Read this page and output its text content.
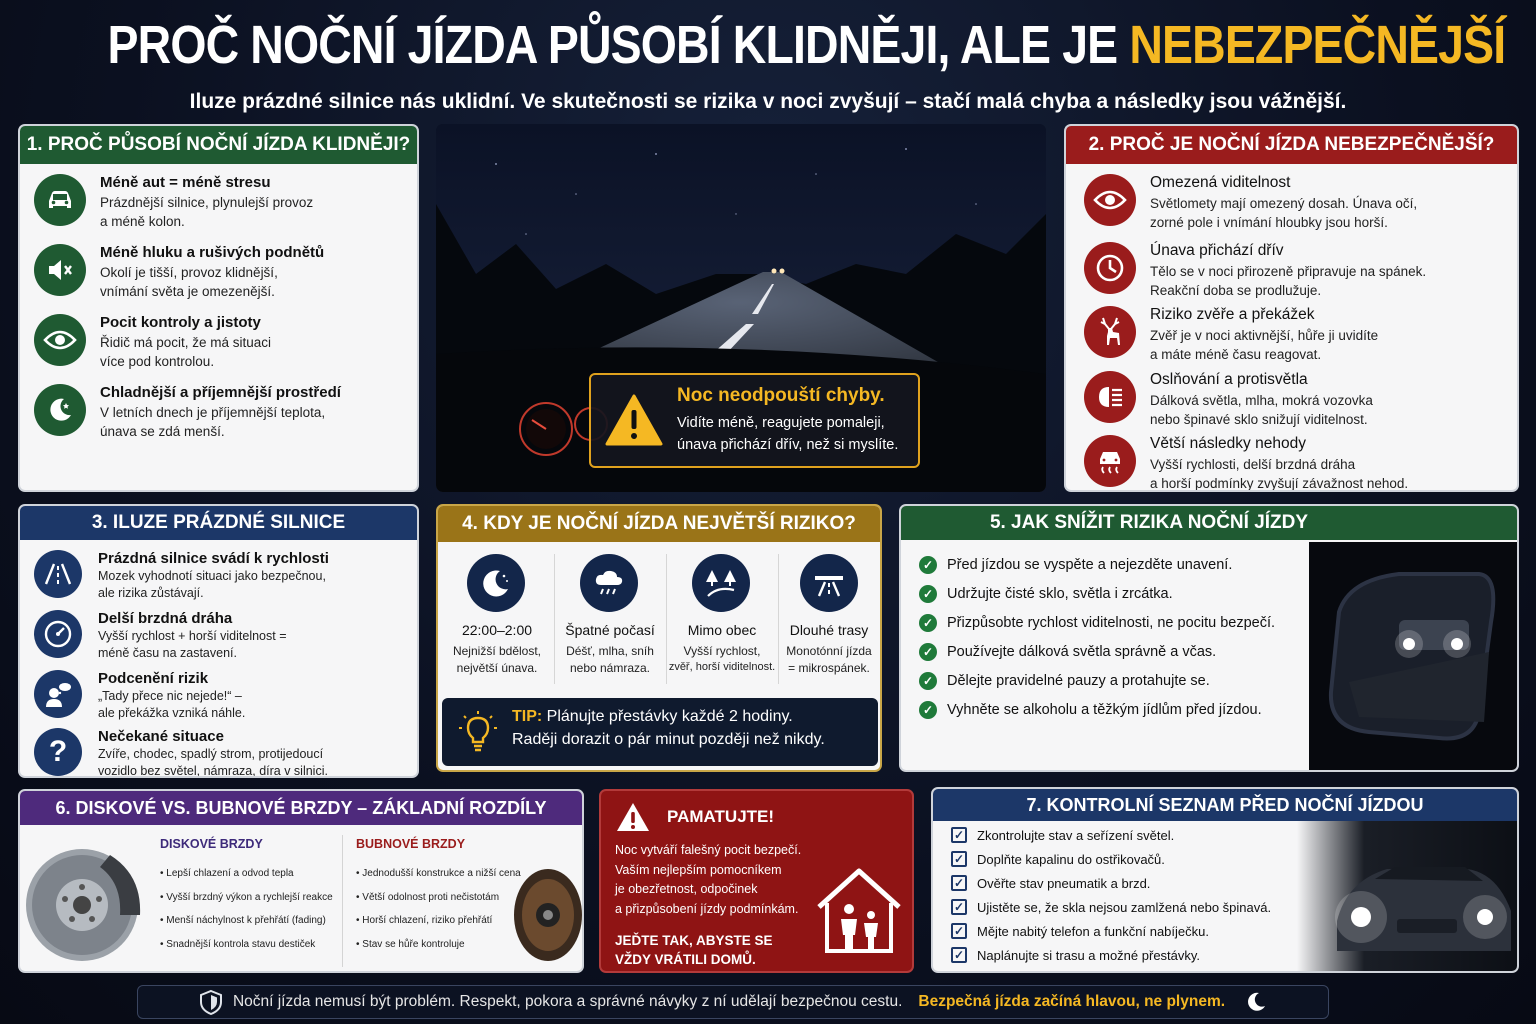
PROČ NOČNÍ JÍZDA PŮSOBÍ KLIDNĚJI, ALE JE NEBEZPEČNĚJŠÍ
Iluze prázdné silnice nás uklidní. Ve skutečnosti se rizika v noci zvyšují – stačí malá chyba a následky jsou vážnější.
1. PROČ PŮSOBÍ NOČNÍ JÍZDA KLIDNĚJI?
Méně aut = méně stresu
Prázdnější silnice, plynulejší provoz
a méně kolon.
Méně hluku a rušivých podnětů
Okolí je tišší, provoz klidnější,
vnímání světa je omezenější.
Pocit kontroly a jistoty
Řidič má pocit, že má situaci
více pod kontrolou.
Chladnější a příjemnější prostředí
V letních dnech je příjemnější teplota,
únava se zdá menší.
Noc neodpouští chyby.
Vidíte méně, reagujete pomaleji,
únava přichází dřív, než si myslíte.
2. PROČ JE NOČNÍ JÍZDA NEBEZPEČNĚJŠÍ?
Omezená viditelnost
Světlomety mají omezený dosah. Únava očí,
zorné pole i vnímání hloubky jsou horší.
Únava přichází dřív
Tělo se v noci přirozeně připravuje na spánek.
Reakční doba se prodlužuje.
Riziko zvěře a překážek
Zvěř je v noci aktivnější, hůře ji uvidíte
a máte méně času reagovat.
Oslňování a protisvětla
Dálková světla, mlha, mokrá vozovka
nebo špinavé sklo snižují viditelnost.
Větší následky nehody
Vyšší rychlosti, delší brzdná dráha
a horší podmínky zvyšují závažnost nehod.
3. ILUZE PRÁZDNÉ SILNICE
Prázdná silnice svádí k rychlosti
Mozek vyhodnotí situaci jako bezpečnou,
ale rizika zůstávají.
Delší brzdná dráha
Vyšší rychlost + horší viditelnost =
méně času na zastavení.
Podcenění rizik
„Tady přece nic nejede!“ –
ale překážka vzniká náhle.
?	Nečekané situace
Zvíře, chodec, spadlý strom, protijedoucí
vozidlo bez světel, námraza, díra v silnici.
4. KDY JE NOČNÍ JÍZDA NEJVĚTŠÍ RIZIKO?
22:00–2:00
Nejnižší bdělost,
největší únava.
Špatné počasí
Déšť, mlha, sníh
nebo námraza.
Mimo obec
Vyšší rychlost,
zvěř, horší viditelnost.
Dlouhé trasy
Monotónní jízda
= mikrospánek.
TIP: Plánujte přestávky každé 2 hodiny.
Raději dorazit o pár minut později než nikdy.
5. JAK SNÍŽIT RIZIKA NOČNÍ JÍZDY
✓ Před jízdou se vyspěte a nejezděte unavení.
✓ Udržujte čisté sklo, světla i zrcátka.
✓ Přizpůsobte rychlost viditelnosti, ne pocitu bezpečí.
✓ Používejte dálková světla správně a včas.
✓ Dělejte pravidelné pauzy a protahujte se.
✓ Vyhněte se alkoholu a těžkým jídlům před jízdou.
6. DISKOVÉ VS. BUBNOVÉ BRZDY – ZÁKLADNÍ ROZDÍLY
DISKOVÉ BRZDY
• Lepší chlazení a odvod tepla
• Vyšší brzdný výkon a rychlejší reakce
• Menší náchylnost k přehřátí (fading)
• Snadnější kontrola stavu destiček
BUBNOVÉ BRZDY
• Jednodušší konstrukce a nižší cena
• Větší odolnost proti nečistotám
• Horší chlazení, riziko přehřátí
• Stav se hůře kontroluje
PAMATUJTE!
Noc vytváří falešný pocit bezpečí.
Vaším nejlepším pomocníkem
je obezřetnost, odpočinek
a přizpůsobení jízdy podmínkám.
JEĎTE TAK, ABYSTE SE
VŽDY VRÁTILI DOMŮ.
7. KONTROLNÍ SEZNAM PŘED NOČNÍ JÍZDOU
✓ Zkontrolujte stav a seřízení světel.
✓ Doplňte kapalinu do ostřikovačů.
✓ Ověřte stav pneumatik a brzd.
✓ Ujistěte se, že skla nejsou zamlžená nebo špinavá.
✓ Mějte nabitý telefon a funkční nabíječku.
✓ Naplánujte si trasu a možné přestávky.
Noční jízda nemusí být problém. Respekt, pokora a správné návyky z ní udělají bezpečnou cestu. Bezpečná jízda začíná hlavou, ne plynem.
